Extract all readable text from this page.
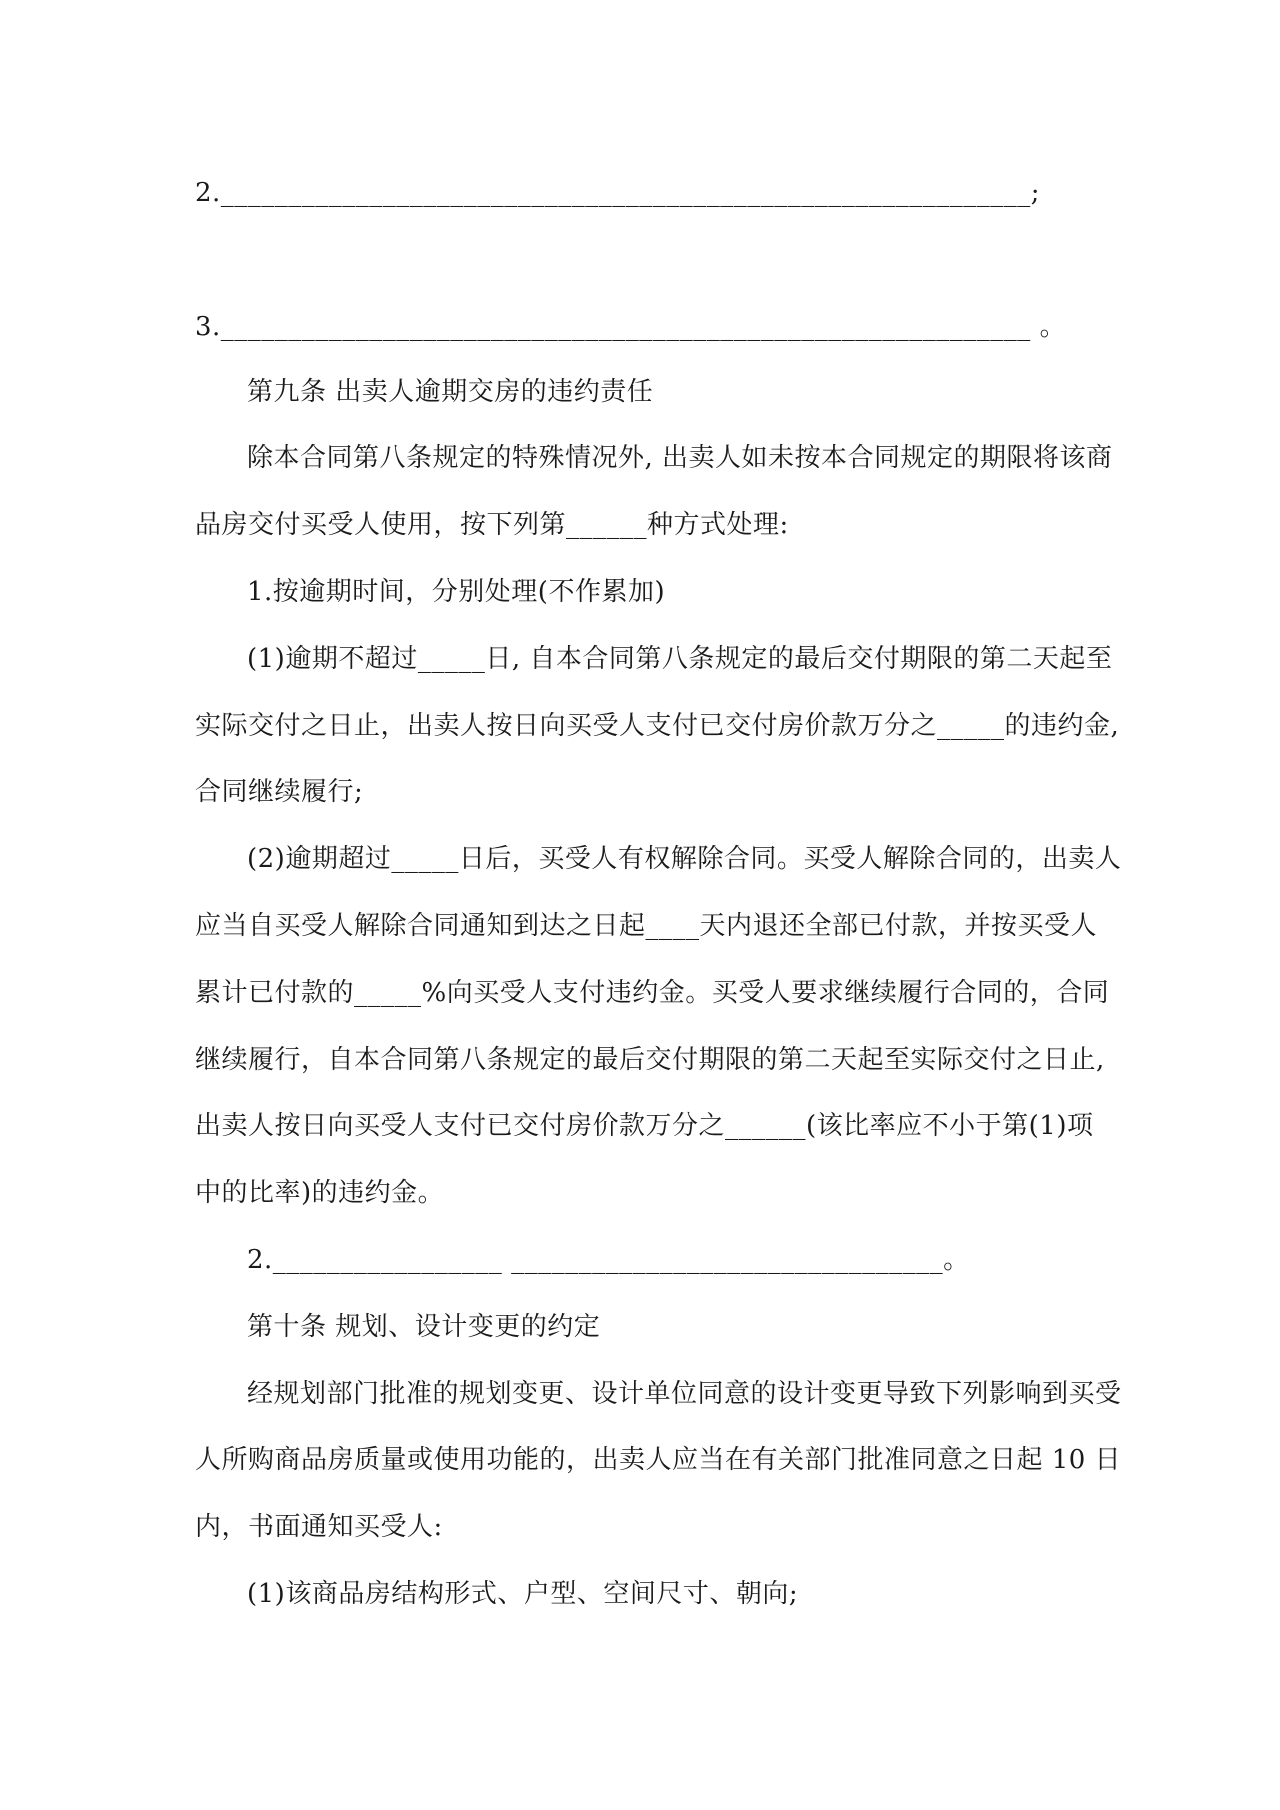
2.____________________________________________________________;
3.____________________________________________________________ 。
第九条 出卖人逾期交房的违约责任
除本合同第八条规定的特殊情况外, 出卖人如未按本合同规定的期限将该商
品房交付买受人使用，按下列第______种方式处理:
1.按逾期时间，分别处理(不作累加)
(1)逾期不超过_____日, 自本合同第八条规定的最后交付期限的第二天起至
实际交付之日止，出卖人按日向买受人支付已交付房价款万分之_____的违约金,
合同继续履行;
(2)逾期超过_____日后，买受人有权解除合同。买受人解除合同的，出卖人
应当自买受人解除合同通知到达之日起____天内退还全部已付款，并按买受人
累计已付款的_____%向买受人支付违约金。买受人要求继续履行合同的，合同
继续履行，自本合同第八条规定的最后交付期限的第二天起至实际交付之日止,
出卖人按日向买受人支付已交付房价款万分之______(该比率应不小于第(1)项
中的比率)的违约金。
2._________________ ________________________________。
第十条 规划、设计变更的约定
经规划部门批准的规划变更、设计单位同意的设计变更导致下列影响到买受
人所购商品房质量或使用功能的，出卖人应当在有关部门批准同意之日起 10 日
内，书面通知买受人:
(1)该商品房结构形式、户型、空间尺寸、朝向;
